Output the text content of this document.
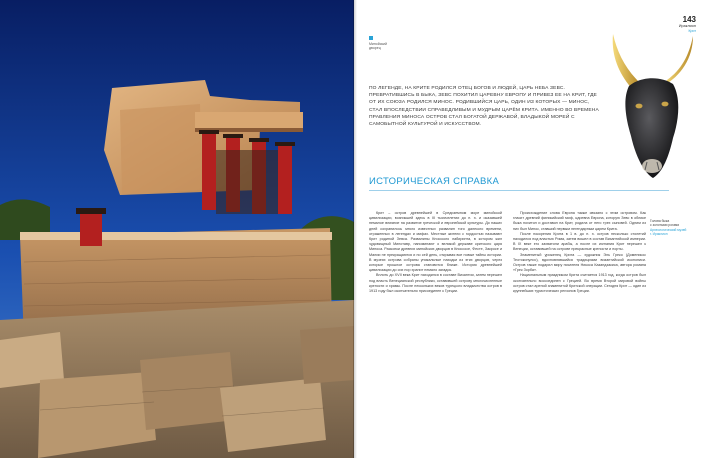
143
Ираклион
Крит
Минойский
дворец
ПО ЛЕГЕНДЕ, НА КРИТЕ РОДИЛСЯ ОТЕЦ БОГОВ И ЛЮДЕЙ, ЦАРЬ НЕБА ЗЕВС. ПРЕВРАТИВШИСЬ В БЫКА, ЗЕВС ПОХИТИЛ ЦАРЕВНУ ЕВРОПУ И ПРИВЕЗ ЕЕ НА КРИТ, ГДЕ ОТ ИХ СОЮЗА РОДИЛСЯ МИНОС. РОДИВШИЙСЯ ЦАРЬ, ОДИН ИЗ КОТОРЫХ — МИНОС, СТАЛ ВПОСЛЕДСТВИИ СПРАВЕДЛИВЫМ И МУДРЫМ ЦАРЁМ КРИТА. ИМЕННО ВО ВРЕМЕНА ПРАВЛЕНИЯ МИНОСА ОСТРОВ СТАЛ БОГАТОЙ ДЕРЖАВОЙ, ВЛАДЫКОЙ МОРЕЙ С САМОБЫТНОЙ КУЛЬТУРОЙ И ИСКУССТВОМ.
Голова быка
с золотыми рогами
Археологический музей
г. Ираклион
ИСТОРИЧЕСКАЯ СПРАВКА

Крит – остров древнейшей в Средиземном море минойской цивилизации, возникшей здесь в III тысячелетии до н. э. и оказавшей немалое влияние на развитие греческой и европейской культуры. До наших дней сохранилось много известных развалин того далекого времени, отраженных в легендах и мифах. Местные жители с гордостью называют Крит родиной Зевса. Развалины Кносского лабиринта, в котором жил чудовищный Минотавр, напоминают о великой державе критского царя Миноса. Раскопки древних минойских дворцов в Кноссосе, Фесте, Закросе и Малии не прекращаются и по сей день, открывая все новые тайны истории. В музеях острова собраны уникальные находки из этих дворцов, через которые прошлое острова становится ближе. История древнейшей цивилизации до сих пор хранит немало загадок.

Вплоть до XVII века Крит находился в составе Византии, затем перешел под власть Венецианской республики, оставившей острову многочисленные крепости и храмы. После нескольких веков турецкого владычества остров в 1913 году был окончательно присоединен к Греции.

Происхождение слова Европа также связано с этим островом. Как гласит древний финикийский миф, царевна Европа, которую Зевс в облике быка похитил и доставил на Крит, родила от него трех сыновей. Одним из них был Минос, ставший первым легендарным царем Крита.

После покорения Крита в 1 в. до н. э. остров несколько столетий находился под властью Рима, затем вошел в состав Византийской империи. В IX веке его захватили арабы, а после их изгнания Крит перешел к Венеции, оставившей на острове прекрасные крепости и порты.

Знаменитый уроженец Крита — художник Эль Греко (Доменикос Теотокопулос), вдохновлявшийся традициями византийской иконописи. Остров также подарил миру писателя Никоса Казандзакиса, автора романа «Грек Зорба».

Национальным праздником Крита считается 1913 год, когда остров был окончательно воссоединен с Грецией. Во время Второй мировой войны остров стал ареной знаменитой Критской операции. Сегодня Крит — один из крупнейших туристических регионов Греции.
